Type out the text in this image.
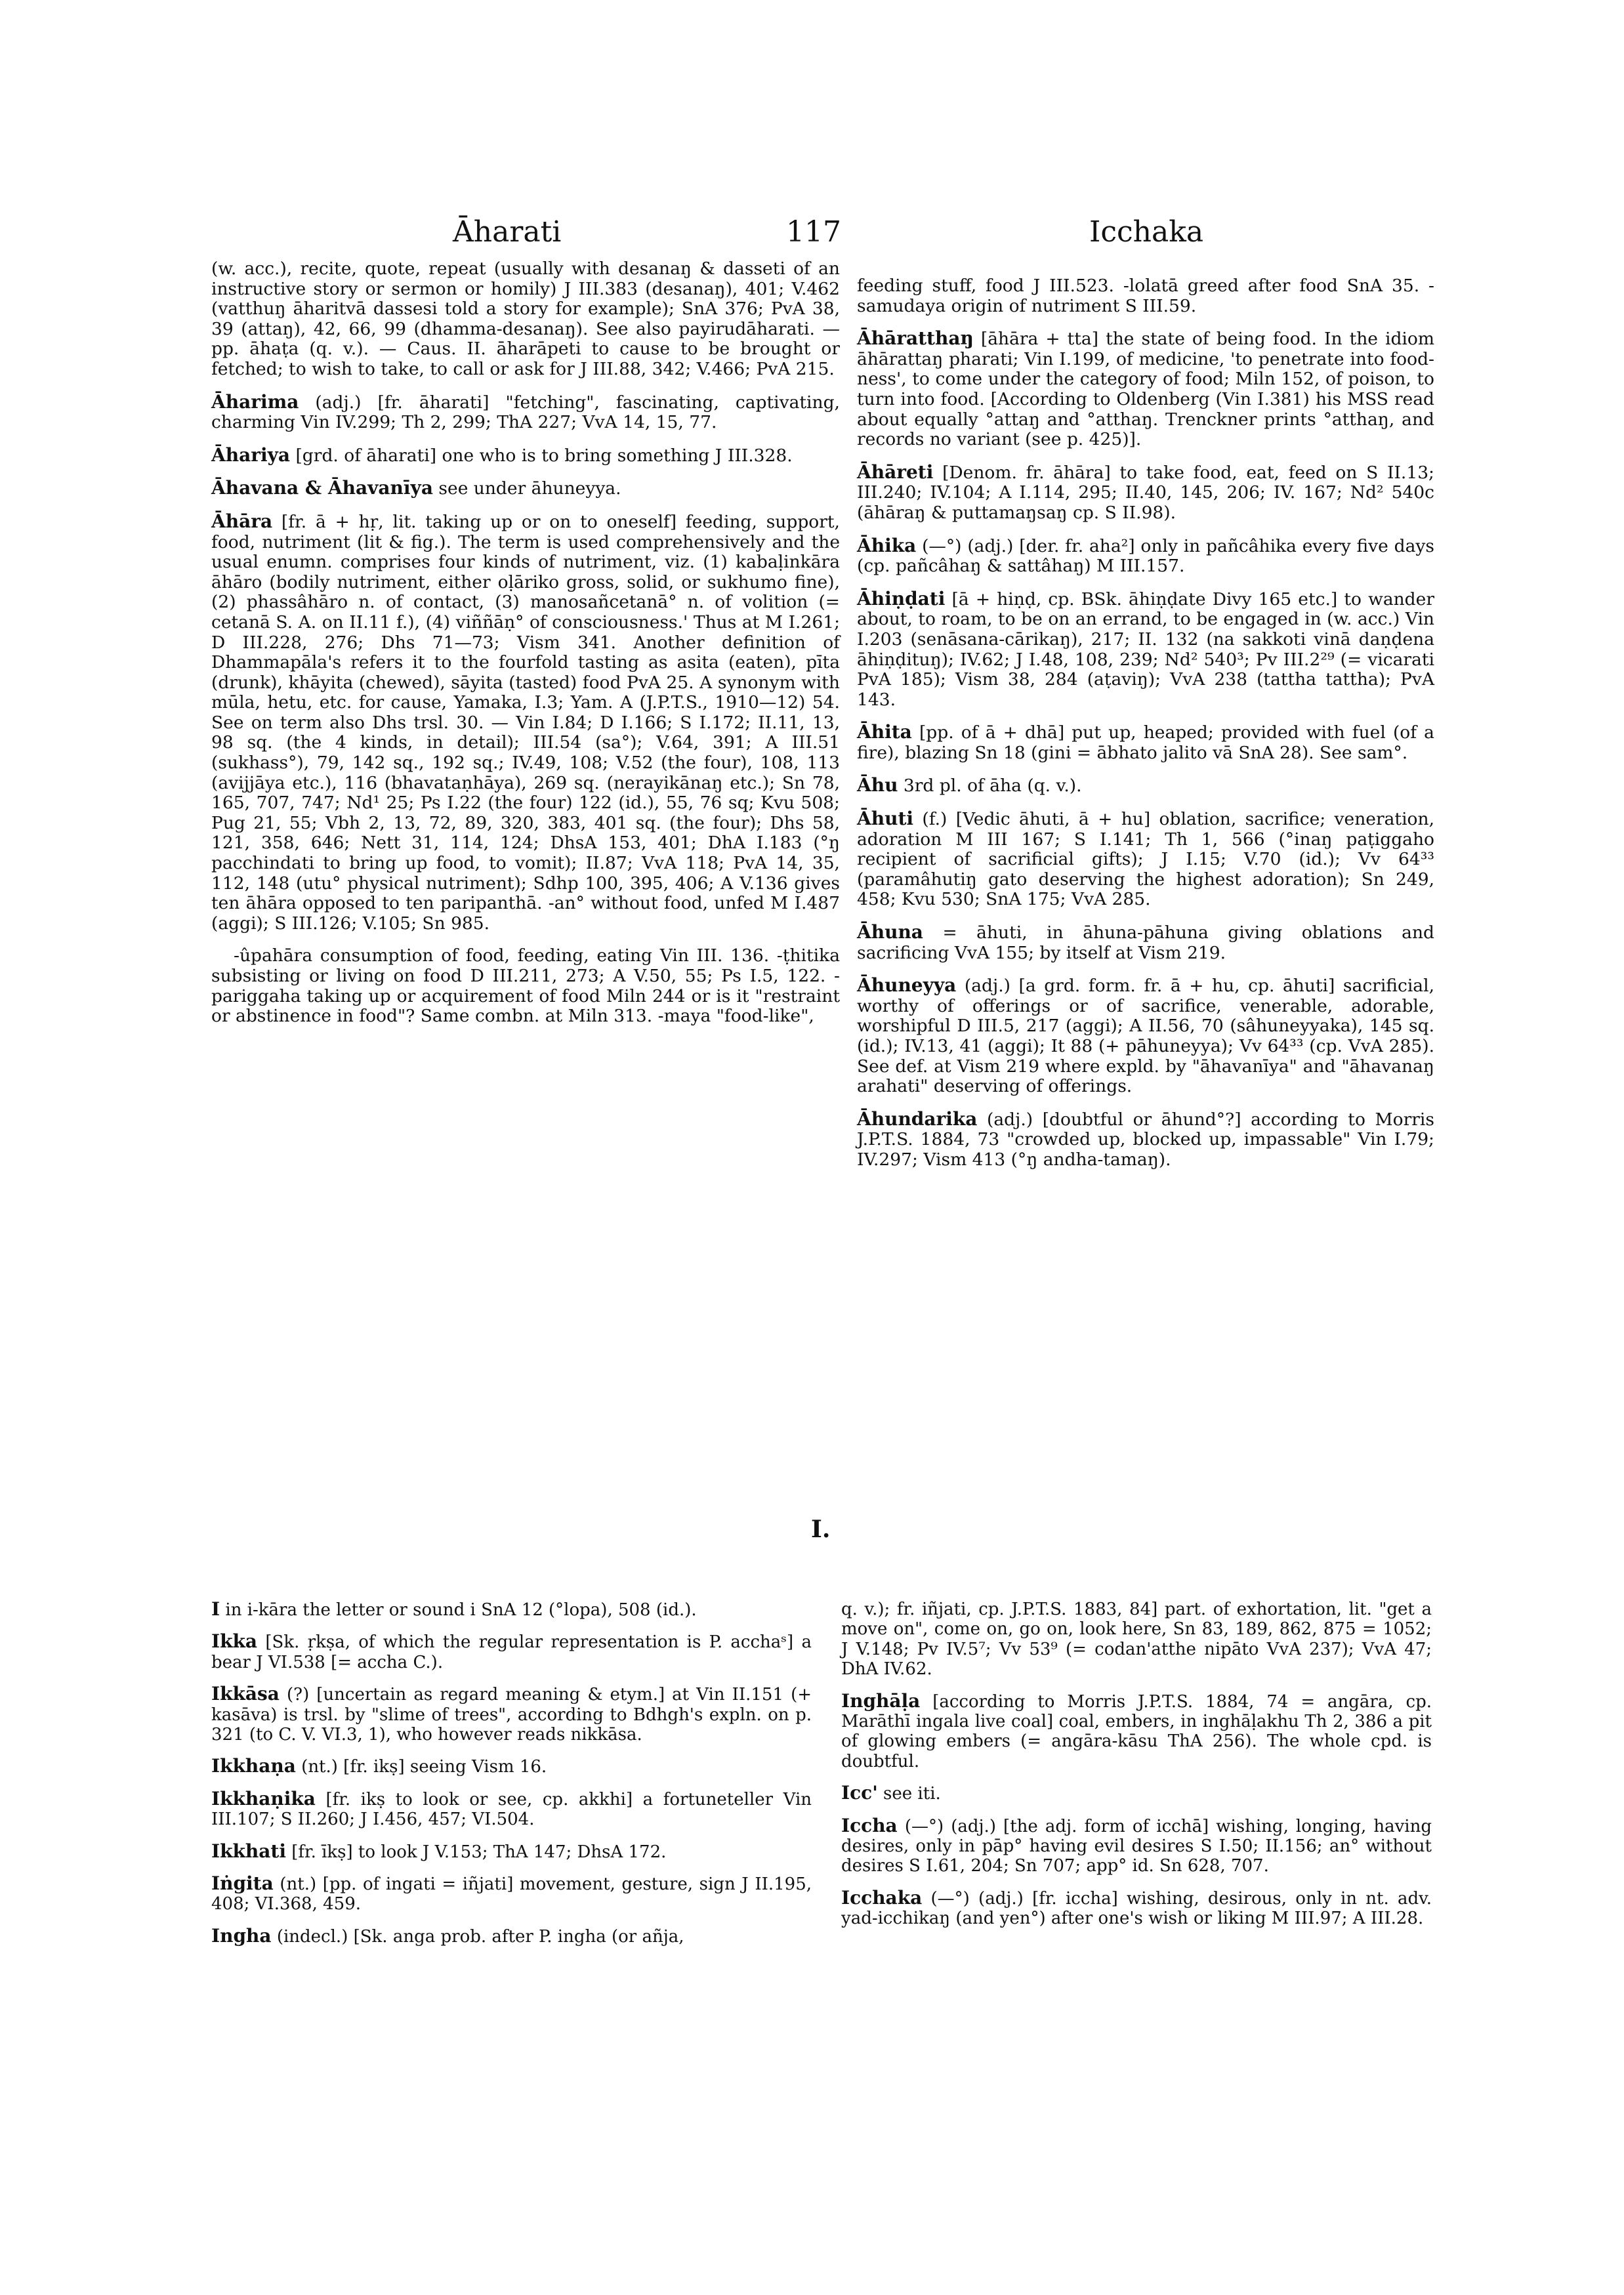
Āharati	117	Icchaka

(w. acc.), recite, quote, repeat (usually with desanaŋ & dasseti of an instructive story or sermon or homily) J III.383 (desanaŋ), 401; V.462 (vatthuŋ āharitvā dassesi told a story for example); SnA 376; PvA 38, 39 (attaŋ), 42, 66, 99 (dhamma-desanaŋ). See also payirudāharati. — pp. āhaṭa (q. v.). — Caus. II. āharāpeti to cause to be brought or fetched; to wish to take, to call or ask for J III.88, 342; V.466; PvA 215.

Āharima (adj.) [fr. āharati] "fetching", fascinating, captivating, charming Vin IV.299; Th 2, 299; ThA 227; VvA 14, 15, 77.

Āhariya [grd. of āharati] one who is to bring something J III.328.

Āhavana & Āhavanīya see under āhuneyya.

Āhāra [fr. ā + hṛ, lit. taking up or on to oneself] feeding, support, food, nutriment (lit & fig.). The term is used comprehensively and the usual enumn. comprises four kinds of nutriment, viz. (1) kabaḷinkāra āhāro (bodily nutriment, either oḷāriko gross, solid, or sukhumo fine), (2) phassâhāro n. of contact, (3) manosañcetanā° n. of volition (= cetanā S. A. on II.11 f.), (4) viññāṇ° of consciousness.' Thus at M I.261; D III.228, 276; Dhs 71—73; Vism 341. Another definition of Dhammapāla's refers it to the fourfold tasting as asita (eaten), pīta (drunk), khāyita (chewed), sāyita (tasted) food PvA 25. A synonym with mūla, hetu, etc. for cause, Yamaka, I.3; Yam. A (J.P.T.S., 1910—12) 54. See on term also Dhs trsl. 30. — Vin I.84; D I.166; S I.172; II.11, 13, 98 sq. (the 4 kinds, in detail); III.54 (sa°); V.64, 391; A III.51 (sukhass°), 79, 142 sq., 192 sq.; IV.49, 108; V.52 (the four), 108, 113 (avijjāya etc.), 116 (bhavataṇhāya), 269 sq. (nerayikānaŋ etc.); Sn 78, 165, 707, 747; Nd¹ 25; Ps I.22 (the four) 122 (id.), 55, 76 sq; Kvu 508; Pug 21, 55; Vbh 2, 13, 72, 89, 320, 383, 401 sq. (the four); Dhs 58, 121, 358, 646; Nett 31, 114, 124; DhsA 153, 401; DhA I.183 (°ŋ pacchindati to bring up food, to vomit); II.87; VvA 118; PvA 14, 35, 112, 148 (utu° physical nutriment); Sdhp 100, 395, 406; A V.136 gives ten āhāra opposed to ten paripanthā. -an° without food, unfed M I.487 (aggi); S III.126; V.105; Sn 985.

-ûpahāra consumption of food, feeding, eating Vin III. 136. -ṭhitika subsisting or living on food D III.211, 273; A V.50, 55; Ps I.5, 122. -pariggaha taking up or acquirement of food Miln 244 or is it "restraint or abstinence in food"? Same combn. at Miln 313. -maya "food-like",

feeding stuff, food J III.523. -lolatā greed after food SnA 35. -samudaya origin of nutriment S III.59.

Āhāratthaŋ [āhāra + tta] the state of being food. In the idiom āhārattaŋ pharati; Vin I.199, of medicine, 'to penetrate into food-ness', to come under the category of food; Miln 152, of poison, to turn into food. [According to Oldenberg (Vin I.381) his MSS read about equally °attaŋ and °atthaŋ. Trenckner prints °atthaŋ, and records no variant (see p. 425)].

Āhāreti [Denom. fr. āhāra] to take food, eat, feed on S II.13; III.240; IV.104; A I.114, 295; II.40, 145, 206; IV. 167; Nd² 540c (āhāraŋ & puttamaŋsaŋ cp. S II.98).

Āhika (—°) (adj.) [der. fr. aha²] only in pañcâhika every five days (cp. pañcâhaŋ & sattâhaŋ) M III.157.

Āhiṇḍati [ā + hiṇḍ, cp. BSk. āhiṇḍate Divy 165 etc.] to wander about, to roam, to be on an errand, to be engaged in (w. acc.) Vin I.203 (senāsana-cārikaŋ), 217; II. 132 (na sakkoti vinā daṇḍena āhiṇḍituŋ); IV.62; J I.48, 108, 239; Nd² 540³; Pv III.2²⁹ (= vicarati PvA 185); Vism 38, 284 (aṭaviŋ); VvA 238 (tattha tattha); PvA 143.

Āhita [pp. of ā + dhā] put up, heaped; provided with fuel (of a fire), blazing Sn 18 (gini = ābhato jalito vā SnA 28). See sam°.

Āhu 3rd pl. of āha (q. v.).

Āhuti (f.) [Vedic āhuti, ā + hu] oblation, sacrifice; veneration, adoration M III 167; S I.141; Th 1, 566 (°inaŋ paṭiggaho recipient of sacrificial gifts); J I.15; V.70 (id.); Vv 64³³ (paramâhutiŋ gato deserving the highest adoration); Sn 249, 458; Kvu 530; SnA 175; VvA 285.

Āhuna = āhuti, in āhuna-pāhuna giving oblations and sacrificing VvA 155; by itself at Vism 219.

Āhuneyya (adj.) [a grd. form. fr. ā + hu, cp. āhuti] sacrificial, worthy of offerings or of sacrifice, venerable, adorable, worshipful D III.5, 217 (aggi); A II.56, 70 (sâhuneyyaka), 145 sq. (id.); IV.13, 41 (aggi); It 88 (+ pāhuneyya); Vv 64³³ (cp. VvA 285). See def. at Vism 219 where expld. by "āhavanīya" and "āhavanaŋ arahati" deserving of offerings.

Āhundarika (adj.) [doubtful or āhund°?] according to Morris J.P.T.S. 1884, 73 "crowded up, blocked up, impassable" Vin I.79; IV.297; Vism 413 (°ŋ andha-tamaŋ).

I.

I in i-kāra the letter or sound i SnA 12 (°lopa), 508 (id.).

Ikka [Sk. ṛkṣa, of which the regular representation is P. acchaˢ] a bear J VI.538 [= accha C.).

Ikkāsa (?) [uncertain as regard meaning & etym.] at Vin II.151 (+ kasāva) is trsl. by "slime of trees", according to Bdhgh's expln. on p. 321 (to C. V. VI.3, 1), who however reads nikkāsa.

Ikkhaṇa (nt.) [fr. ikṣ] seeing Vism 16.

Ikkhaṇika [fr. ikṣ to look or see, cp. akkhi] a fortuneteller Vin III.107; S II.260; J I.456, 457; VI.504.

Ikkhati [fr. īkṣ] to look J V.153; ThA 147; DhsA 172.

Iṅgita (nt.) [pp. of ingati = iñjati] movement, gesture, sign J II.195, 408; VI.368, 459.

Ingha (indecl.) [Sk. anga prob. after P. ingha (or añja,

q. v.); fr. iñjati, cp. J.P.T.S. 1883, 84] part. of exhortation, lit. "get a move on", come on, go on, look here, Sn 83, 189, 862, 875 = 1052; J V.148; Pv IV.5⁷; Vv 53⁹ (= codan'atthe nipāto VvA 237); VvA 47; DhA IV.62.

Inghāḷa [according to Morris J.P.T.S. 1884, 74 = angāra, cp. Marāthī ingala live coal] coal, embers, in inghāḷakhu Th 2, 386 a pit of glowing embers (= angāra-kāsu ThA 256). The whole cpd. is doubtful.

Icc' see iti.

Iccha (—°) (adj.) [the adj. form of icchā] wishing, longing, having desires, only in pāp° having evil desires S I.50; II.156; an° without desires S I.61, 204; Sn 707; app° id. Sn 628, 707.

Icchaka (—°) (adj.) [fr. iccha] wishing, desirous, only in nt. adv. yad-icchikaŋ (and yen°) after one's wish or liking M III.97; A III.28.
